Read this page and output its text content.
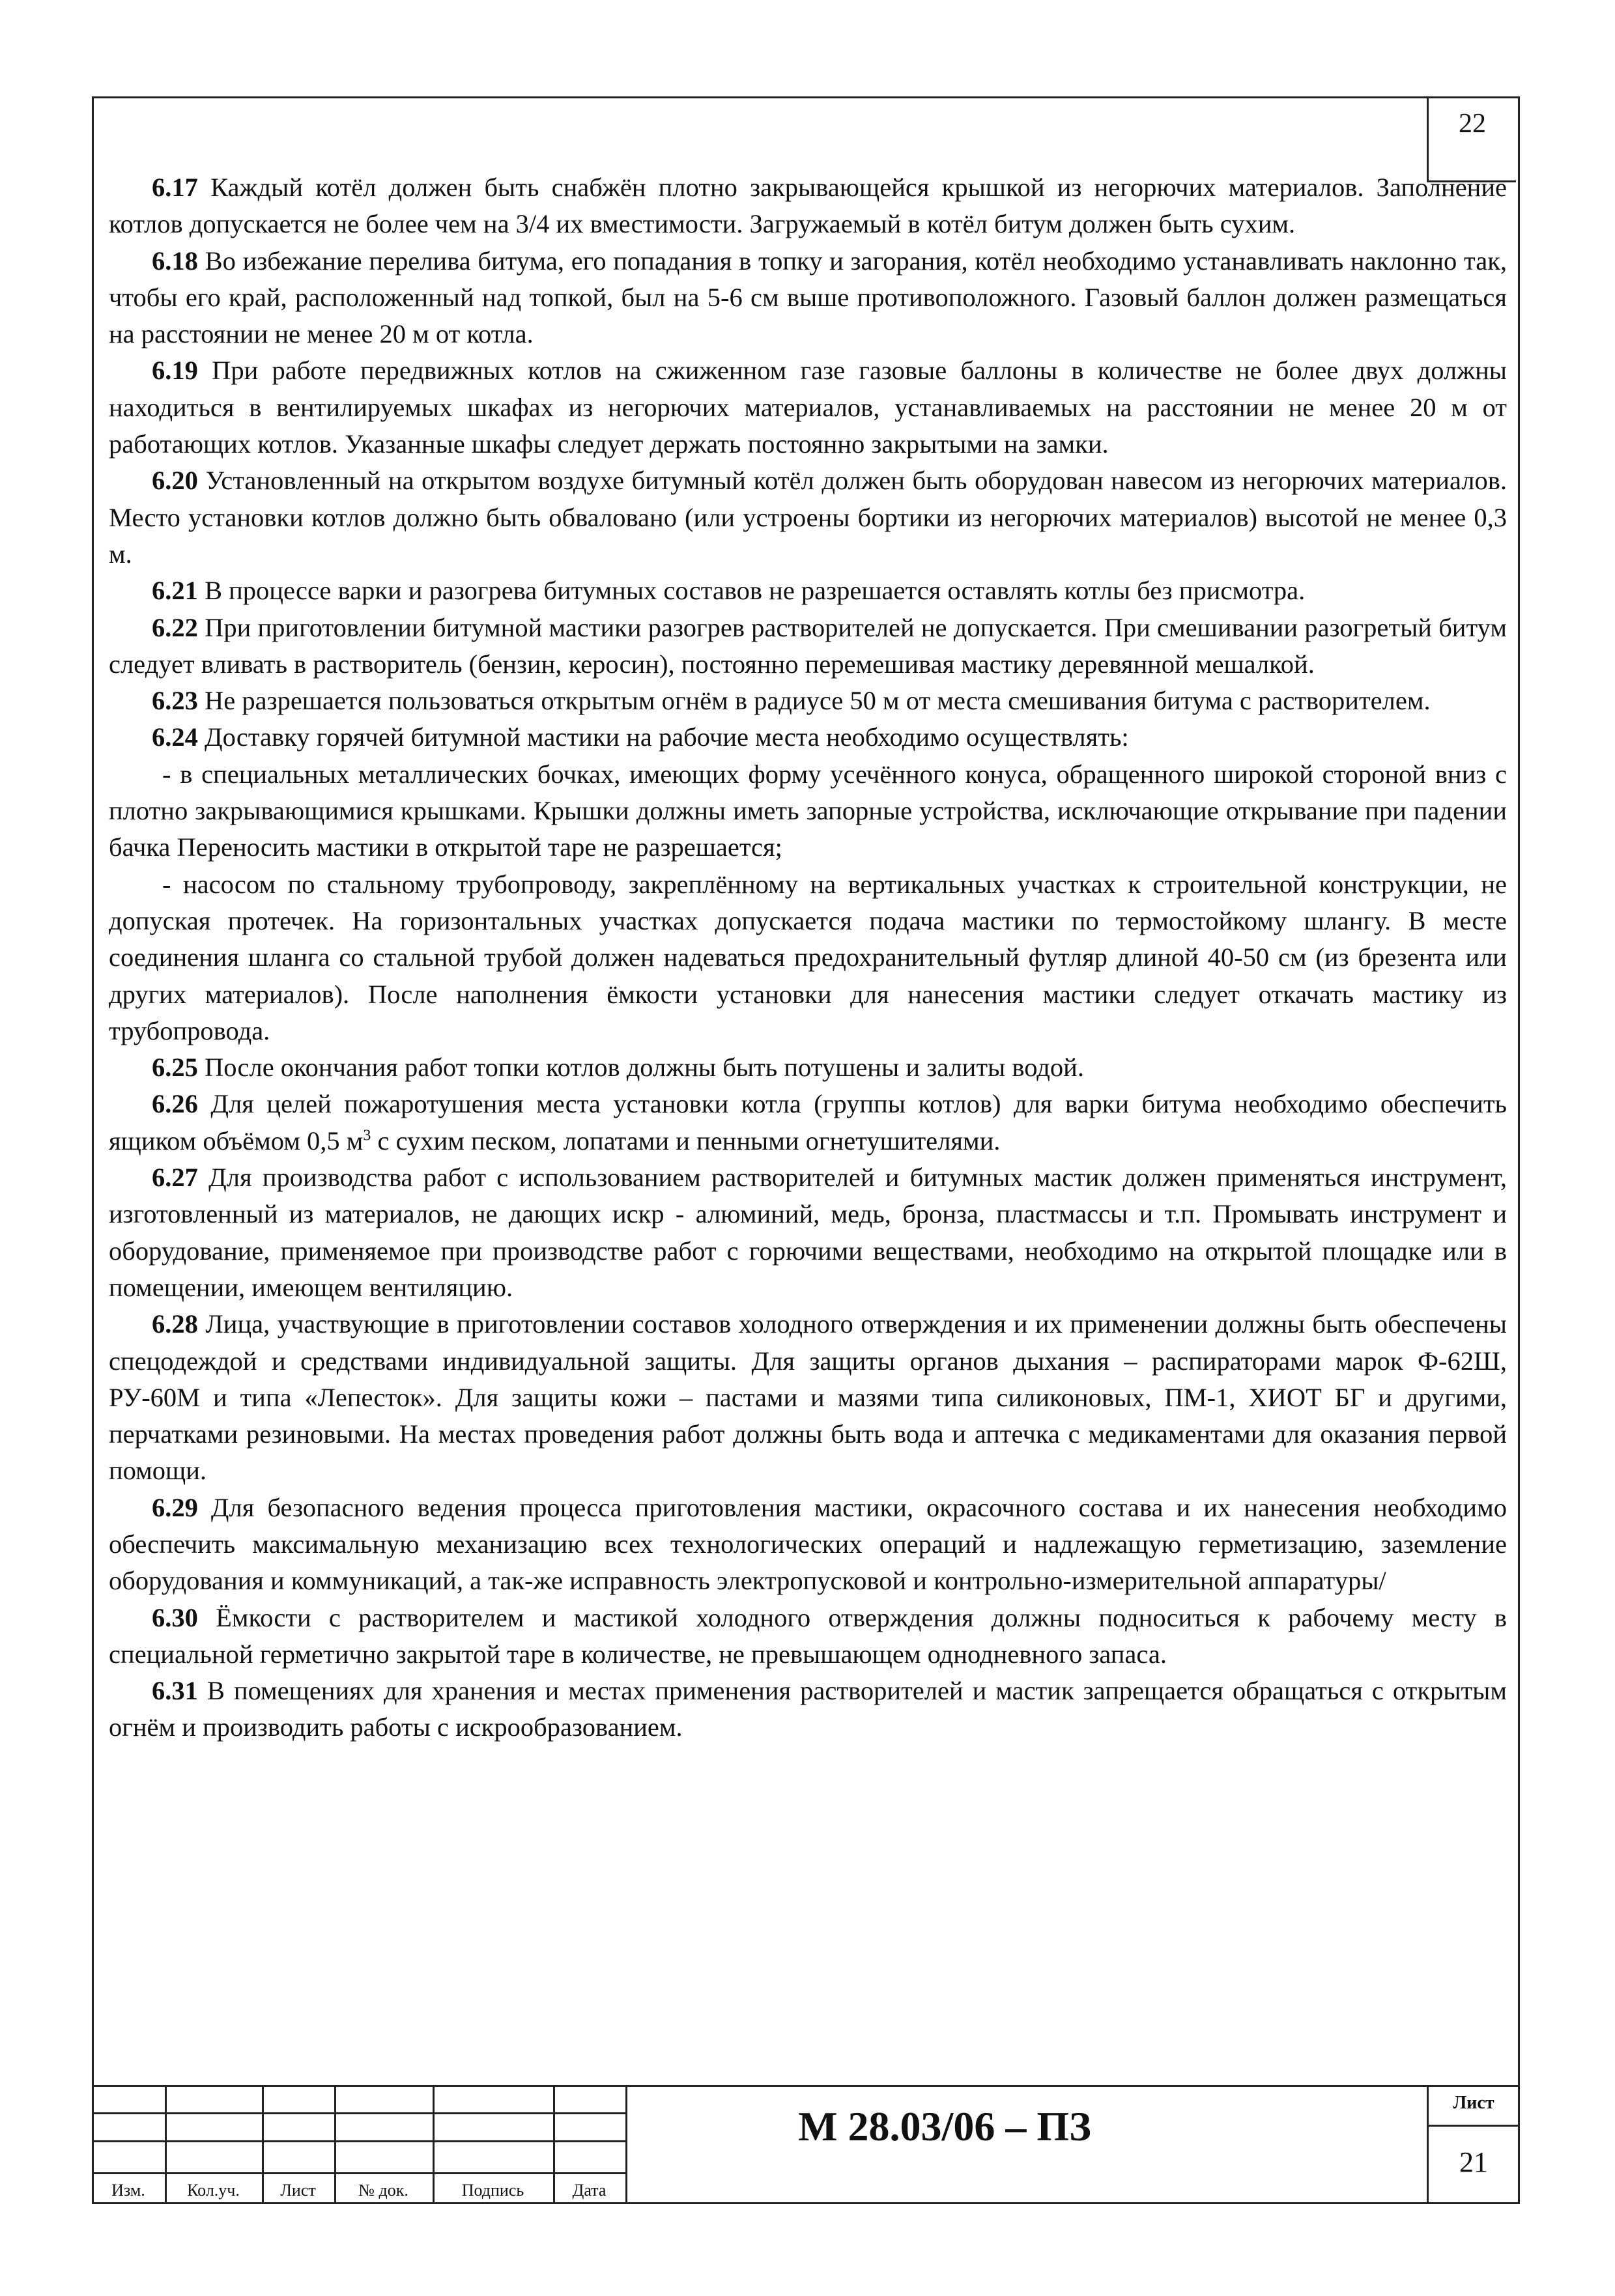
22

6.17 Каждый котёл должен быть снабжён плотно закрывающейся крышкой из негорючих материалов. Заполнение котлов допускается не более чем на 3/4 их вместимости. Загружаемый в котёл битум должен быть сухим.

6.18 Во избежание перелива битума, его попадания в топку и загорания, котёл необходимо устанавливать наклонно так, чтобы его край, расположенный над топкой, был на 5-6 см выше противоположного. Газовый баллон должен размещаться на расстоянии не менее 20 м от котла.

6.19 При работе передвижных котлов на сжиженном газе газовые баллоны в количестве не более двух должны находиться в вентилируемых шкафах из негорючих материалов, устанавливаемых на расстоянии не менее 20 м от работающих котлов. Указанные шкафы следует держать постоянно закрытыми на замки.

6.20 Установленный на открытом воздухе битумный котёл должен быть оборудован навесом из негорючих материалов. Место установки котлов должно быть обваловано (или устроены бортики из негорючих материалов) высотой не менее 0,3 м.

6.21 В процессе варки и разогрева битумных составов не разрешается оставлять котлы без присмотра.

6.22 При приготовлении битумной мастики разогрев растворителей не допускается. При смешивании разогретый битум следует вливать в растворитель (бензин, керосин), постоянно перемешивая мастику деревянной мешалкой.

6.23 Не разрешается пользоваться открытым огнём в радиусе 50 м от места смешивания битума с растворителем.

6.24 Доставку горячей битумной мастики на рабочие места необходимо осуществлять:

- в специальных металлических бочках, имеющих форму усечённого конуса, обращенного широкой стороной вниз с плотно закрывающимися крышками. Крышки должны иметь запорные устройства, исключающие открывание при падении бачка Переносить мастики в открытой таре не разрешается;

- насосом по стальному трубопроводу, закреплённому на вертикальных участках к строительной конструкции, не допуская протечек. На горизонтальных участках допускается подача мастики по термостойкому шлангу. В месте соединения шланга со стальной трубой должен надеваться предохранительный футляр длиной 40-50 см (из брезента или других материалов). После наполнения ёмкости установки для нанесения мастики следует откачать мастику из трубопровода.

6.25 После окончания работ топки котлов должны быть потушены и залиты водой.

6.26 Для целей пожаротушения места установки котла (группы котлов) для варки битума необходимо обеспечить ящиком объёмом 0,5 $м^3$ с сухим песком, лопатами и пенными огнетушителями.

6.27 Для производства работ с использованием растворителей и битумных мастик должен применяться инструмент, изготовленный из материалов, не дающих искр - алюминий, медь, бронза, пластмассы и т.п. Промывать инструмент и оборудование, применяемое при производстве работ с горючими веществами, необходимо на открытой площадке или в помещении, имеющем вентиляцию.

6.28 Лица, участвующие в приготовлении составов холодного отверждения и их применении должны быть обеспечены спецодеждой и средствами индивидуальной защиты. Для защиты органов дыхания – распираторами марок Ф-62Ш, РУ-60М и типа «Лепесток». Для защиты кожи – пастами и мазями типа силиконовых, ПМ-1, ХИОТ БГ и другими, перчатками резиновыми. На местах проведения работ должны быть вода и аптечка с медикаментами для оказания первой помощи.

6.29 Для безопасного ведения процесса приготовления мастики, окрасочного состава и их нанесения необходимо обеспечить максимальную механизацию всех технологических операций и надлежащую герметизацию, заземление оборудования и коммуникаций, а так-же исправность электропусковой и контрольно-измерительной аппаратуры/

6.30 Ёмкости с растворителем и мастикой холодного отверждения должны подноситься к рабочему месту в специальной герметично закрытой таре в количестве, не превышающем однодневного запаса.

6.31 В помещениях для хранения и местах применения растворителей и мастик запрещается обращаться с открытым огнём и производить работы с искрообразованием.

М 28.03/06 – ПЗ
Лист
21
Изм.	Кол.уч.	Лист	№ док.	Подпись	Дата
